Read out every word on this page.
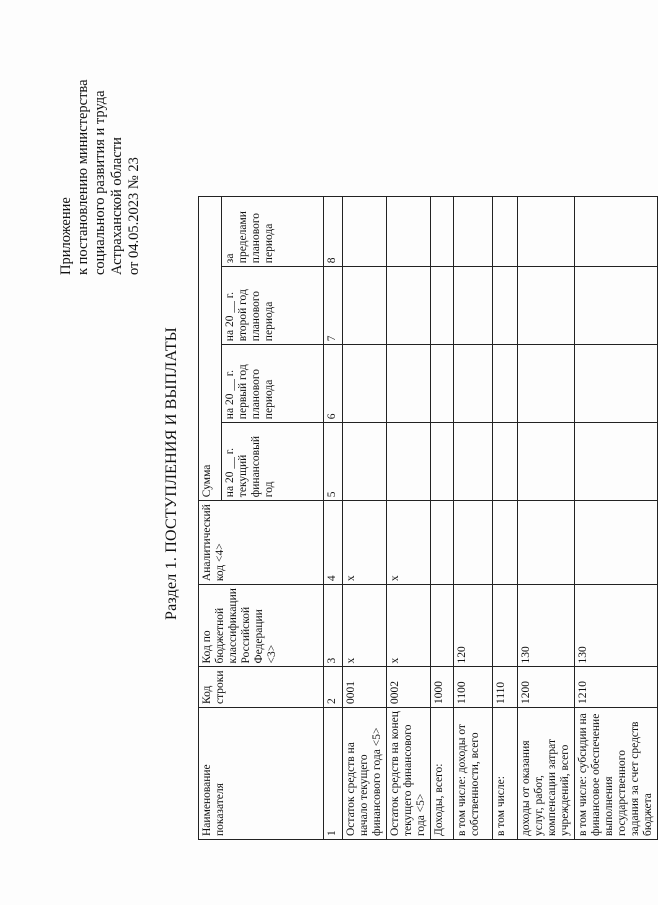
Приложение к постановлению министерства социального развития и труда Астраханской области от 04.05.2023 № 23
Раздел 1. ПОСТУПЛЕНИЯ И ВЫПЛАТЫ
Наименование показателя	Код строки	Код по бюджетной классификации Российской Федерации <3>	Аналитический код <4>	Сумма			
				на 20 __ г. текущий финансовый год	на 20 __ г. первый год планового периода	на 20 __ г. второй год планового периода	за пределами планового периода
1	2	3	4	5	6	7	8
Остаток средств на начало текущего финансового года <5>	0001	x	x				
Остаток средств на конец текущего финансового года <5>	0002	x	x				
Доходы, всего:	1000						
в том числе: доходы от собственности, всего	1100	120					
в том числе:	1110						
доходы от оказания услуг, работ, компенсации затрат учреждений, всего	1200	130					
в том числе: субсидии на финансовое обеспечение выполнения государственного задания за счет средств бюджета	1210	130					
